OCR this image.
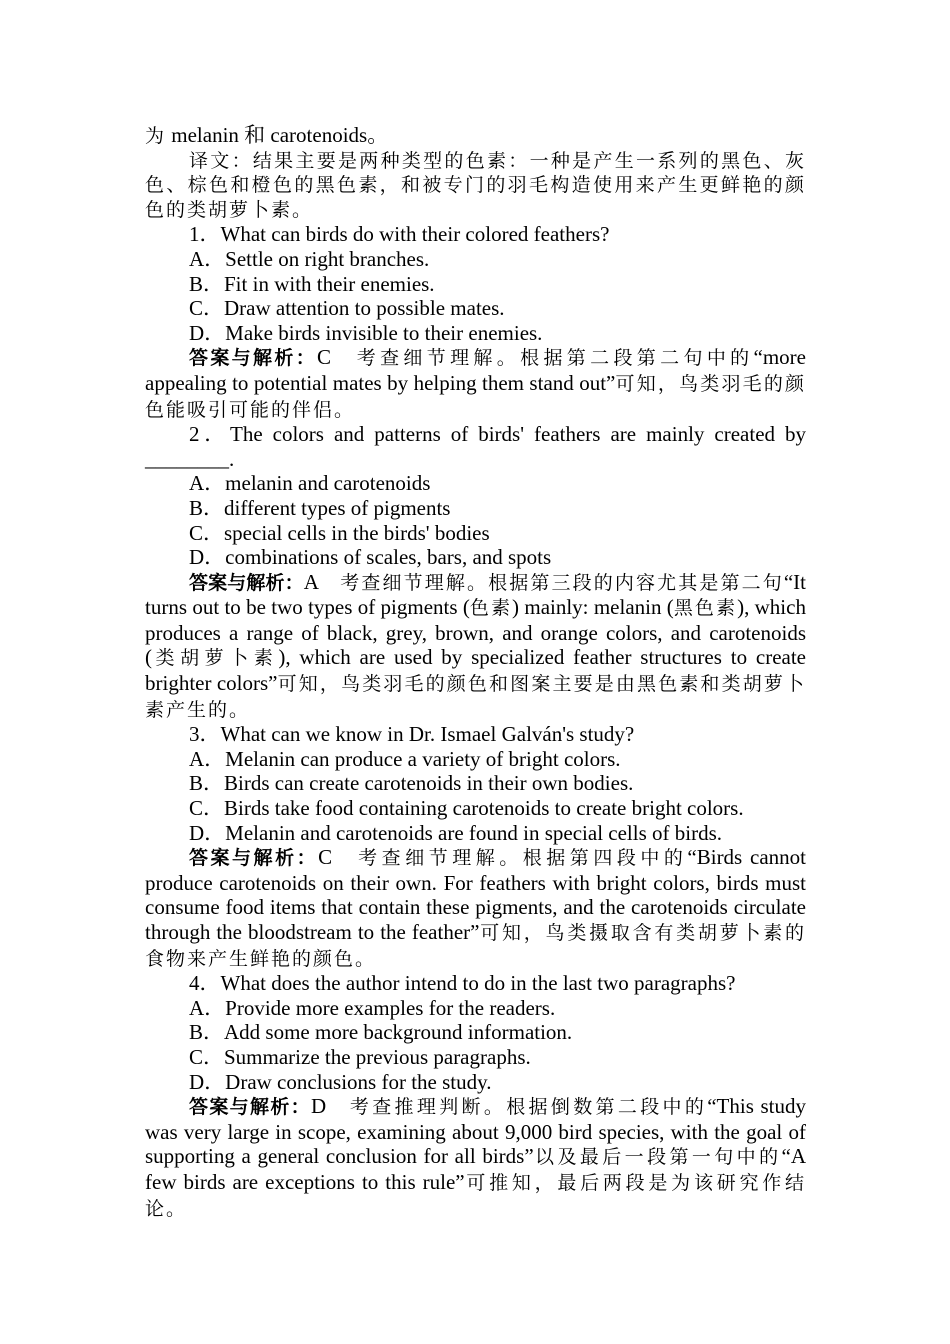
为 melanin 和 carotenoids。

译文：结果主要是两种类型的色素：一种是产生一系列的黑色、灰色、棕色和橙色的黑色素，和被专门的羽毛构造使用来产生更鲜艳的颜色的类胡萝卜素。

1．What can birds do with their colored feathers?

A．Settle on right branches.

B．Fit in with their enemies.

C．Draw attention to possible mates.

D．Make birds invisible to their enemies.

答案与解析：C　考查细节理解。根据第二段第二句中的“more appealing to potential mates by helping them stand out”可知，鸟类羽毛的颜色能吸引可能的伴侣。

2．The colors and patterns of birds' feathers are mainly created by ________.

A．melanin and carotenoids

B．different types of pigments

C．special cells in the birds' bodies

D．combinations of scales, bars, and spots

答案与解析：A　考查细节理解。根据第三段的内容尤其是第二句“It turns out to be two types of pigments (色素) mainly: melanin (黑色素), which produces a range of black, grey, brown, and orange colors, and carotenoids (类胡萝卜素), which are used by specialized feather structures to create brighter colors”可知，鸟类羽毛的颜色和图案主要是由黑色素和类胡萝卜素产生的。

3．What can we know in Dr. Ismael Galván's study?

A．Melanin can produce a variety of bright colors.

B．Birds can create carotenoids in their own bodies.

C．Birds take food containing carotenoids to create bright colors.

D．Melanin and carotenoids are found in special cells of birds.

答案与解析：C　考查细节理解。根据第四段中的“Birds cannot produce carotenoids on their own. For feathers with bright colors, birds must consume food items that contain these pigments, and the carotenoids circulate through the bloodstream to the feather”可知，鸟类摄取含有类胡萝卜素的食物来产生鲜艳的颜色。

4．What does the author intend to do in the last two paragraphs?

A．Provide more examples for the readers.

B．Add some more background information.

C．Summarize the previous paragraphs.

D．Draw conclusions for the study.

答案与解析：D　考查推理判断。根据倒数第二段中的“This study was very large in scope, examining about 9,000 bird species, with the goal of supporting a general conclusion for all birds”以及最后一段第一句中的“A few birds are exceptions to this rule”可推知，最后两段是为该研究作结论。
